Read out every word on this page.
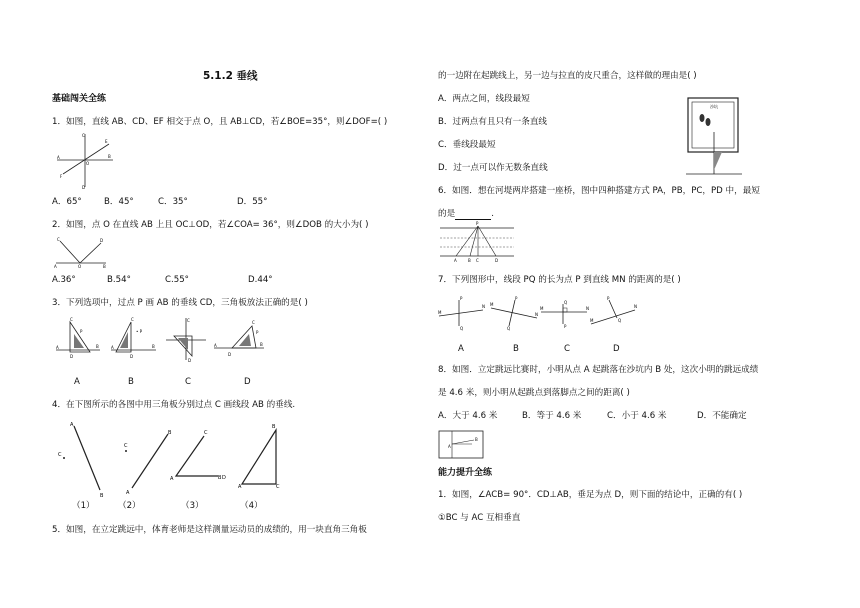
5.1.2 垂线
基础闯关全练
1．如图，直线 AB、CD、EF 相交于点 O，且 AB⊥CD，若∠BOE=35°，则∠DOF=( )
C
A	B
D
E
F
O
A．65°	B．45°	C．35°	D．55°
2．如图，点 O 在直线 AB 上且 OC⊥OD，若∠COA= 36°，则∠DOB 的大小为( )
C	D
A	O	B
A.36°	B.54°	C.55°	D.44°
3．下列选项中，过点 P 画 AB 的垂线 CD，三角板放法正确的是( )
C
P
A
D
B
C
• P
A
D
B
C
D
C
P
A
D
B
A	B	C	D
4．在下图所示的各图中用三角板分别过点 C 画线段 AB 的垂线.
A
B
C
B
A
C
C
A	B D
B
A	C
（1）	（2）	（3）	（4）
5．如图，在立定跳远中，体育老师是这样测量运动员的成绩的，用一块直角三角板
的一边附在起跳线上，另一边与拉直的皮尺重合，这样做的理由是( )
A．两点之间，线段最短
B．过两点有且只有一条直线
C．垂线段最短
D．过一点可以作无数条直线
沙坑
6．如图．想在河堤两岸搭建一座桥，图中四种搭建方式 PA，PB，PC，PD 中，最短
的是	.
P
A	B C	D
7．下列图形中，线段 PQ 的长为点 P 到直线 MN 的距离的是( )
M
N
P
Q
M
N
P
Q
M	N
Q
P
M
N
P
Q
A	B	C	D
8．如图．立定跳远比赛时，小明从点 A 起跳落在沙坑内 B 处，这次小明的跳远成绩
是 4.6 米，则小明从起跳点到落脚点之间的距离( )
A．大于 4.6 米	B．等于 4.6 米	C．小于 4.6 米	D．不能确定
A
B
能力提升全练
1．如图，∠ACB= 90°．CD⊥AB，垂足为点 D，则下面的结论中，正确的有( )
①BC 与 AC 互相垂直
